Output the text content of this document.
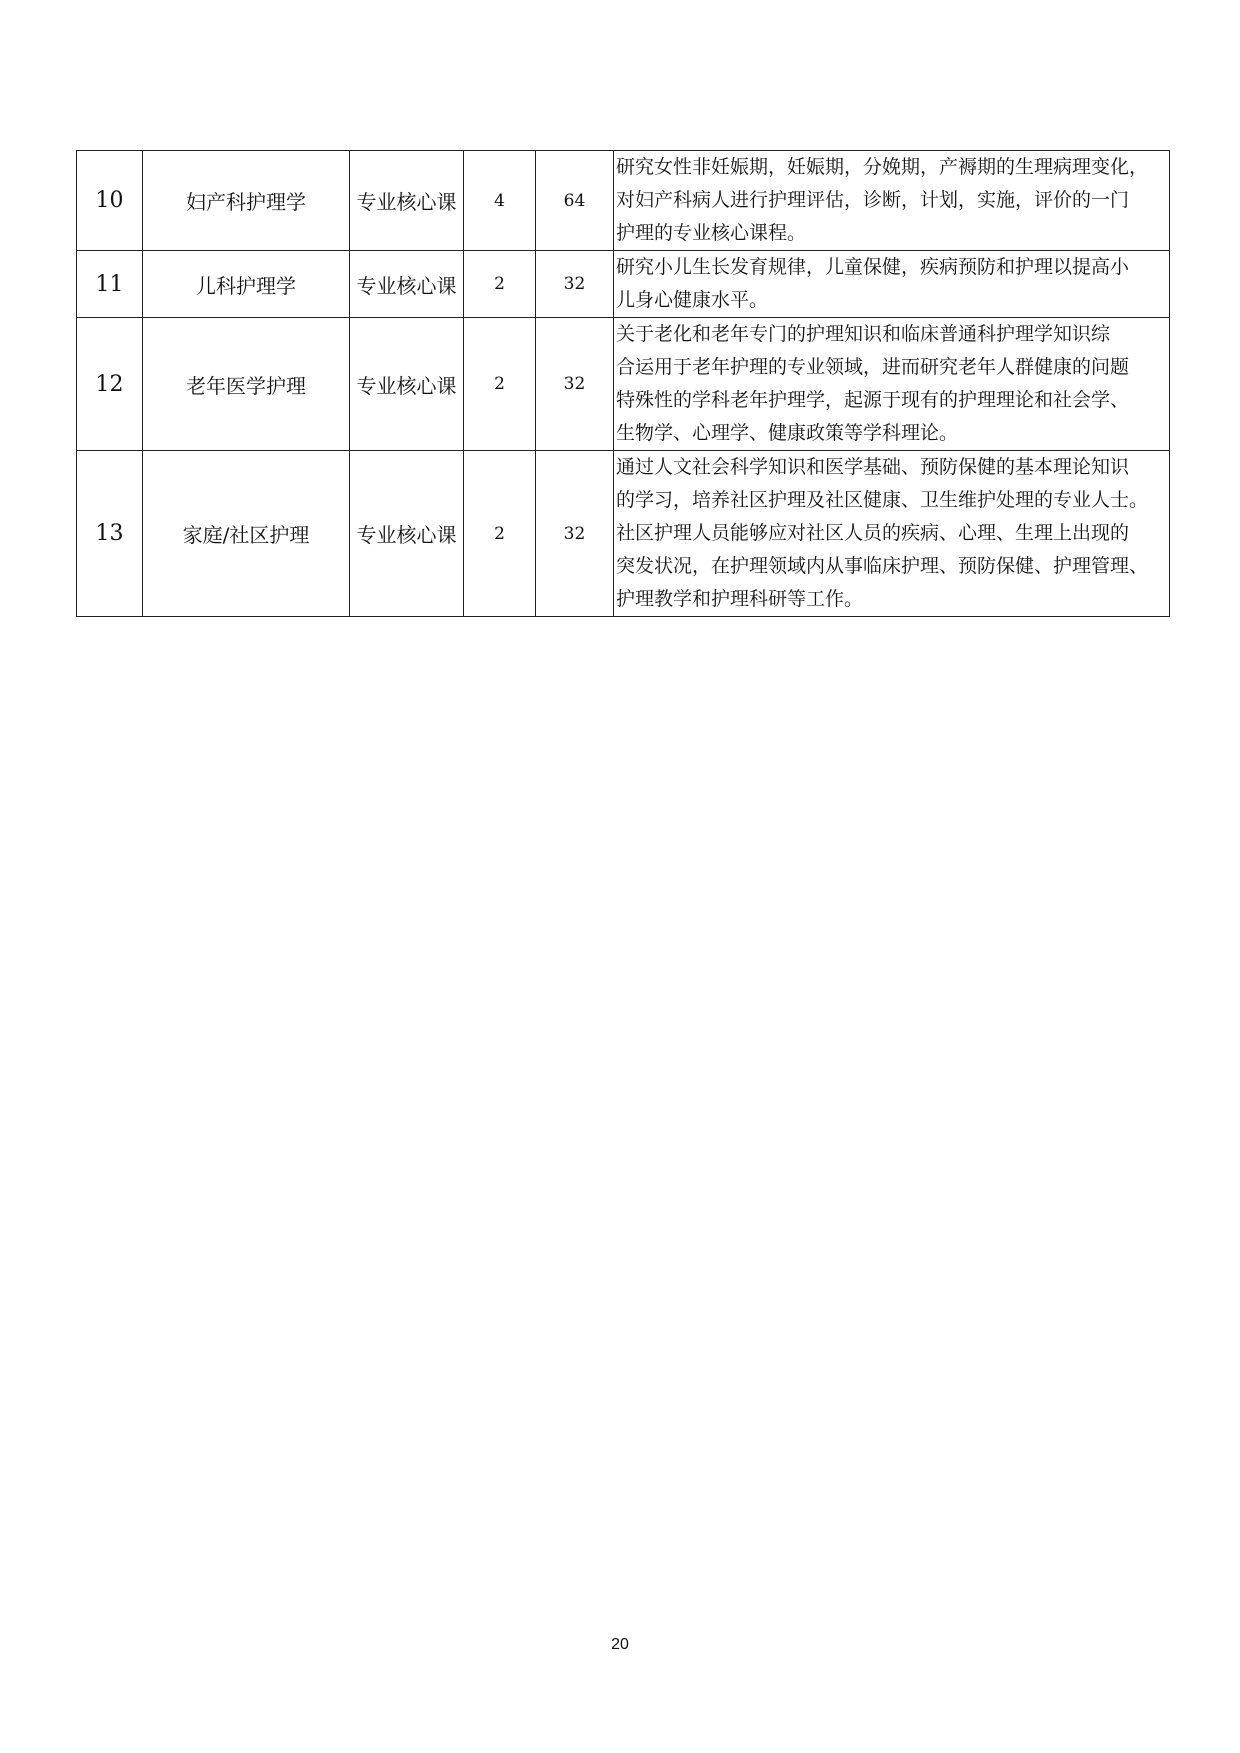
10	妇产科护理学	专业核心课	4	64	研究女性非妊娠期，妊娠期，分娩期，产褥期的生理病理变化，
对妇产科病人进行护理评估，诊断，计划，实施，评价的一门
护理的专业核心课程。

11	儿科护理学	专业核心课	2	32	研究小儿生长发育规律，儿童保健，疾病预防和护理以提高小
儿身心健康水平。

12	老年医学护理	专业核心课	2	32	关于老化和老年专门的护理知识和临床普通科护理学知识综
合运用于老年护理的专业领域，进而研究老年人群健康的问题
特殊性的学科老年护理学，起源于现有的护理理论和社会学、
生物学、心理学、健康政策等学科理论。

13	家庭/社区护理	专业核心课	2	32	通过人文社会科学知识和医学基础、预防保健的基本理论知识
的学习，培养社区护理及社区健康、卫生维护处理的专业人士。
社区护理人员能够应对社区人员的疾病、心理、生理上出现的
突发状况，在护理领域内从事临床护理、预防保健、护理管理、
护理教学和护理科研等工作。
20
